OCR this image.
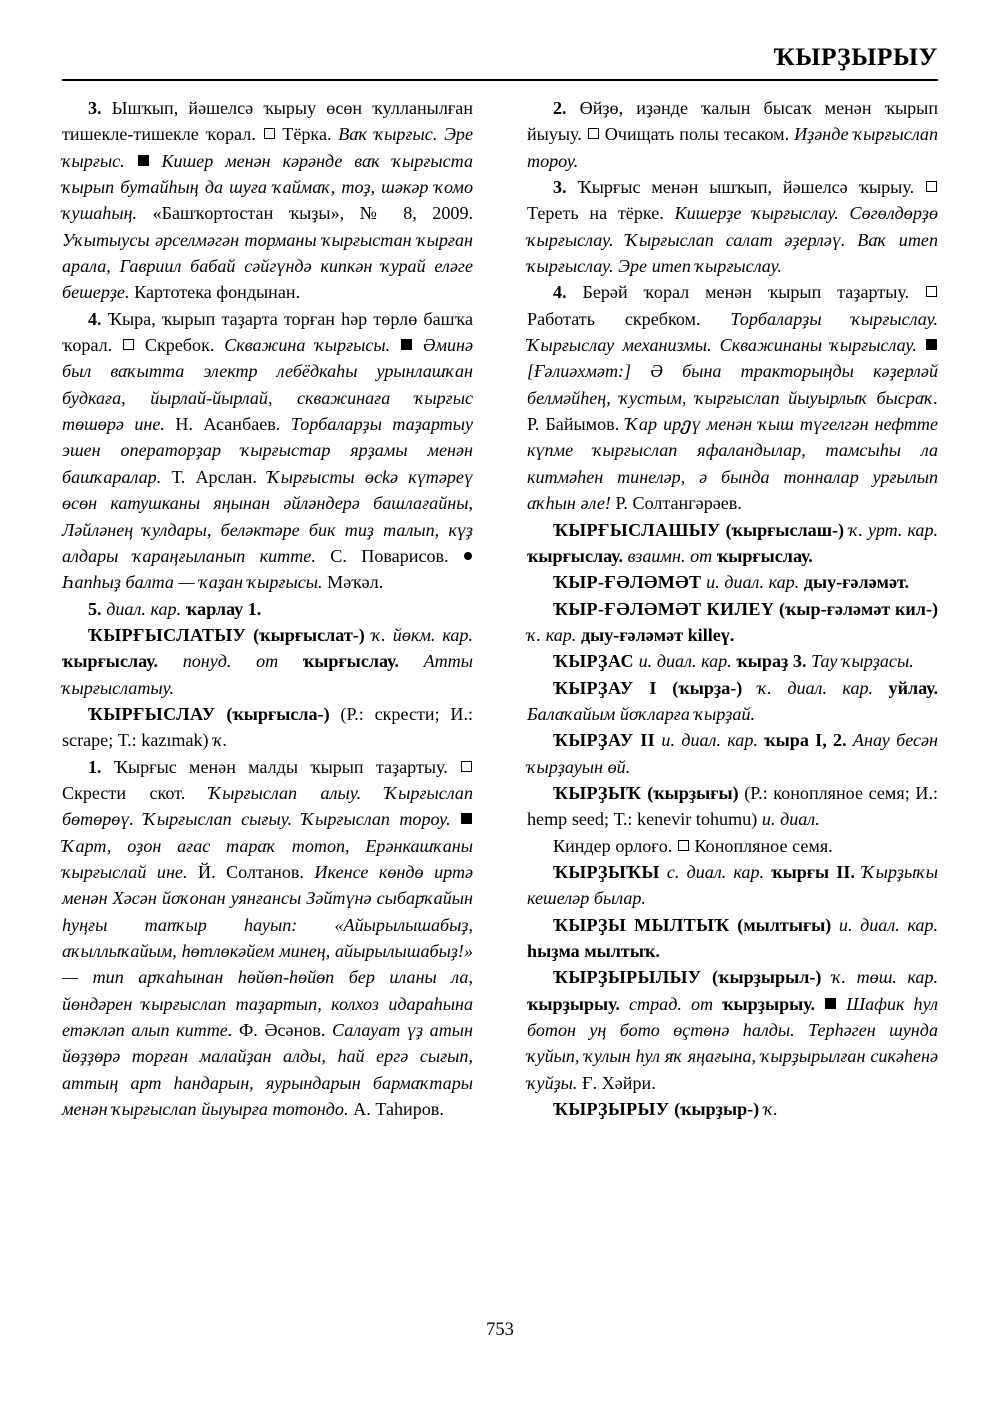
ҠЫРҘЫРЫУ

3. Ышҡып, йәшелсә ҡырыу өсөн ҡулланылған тишекле-тишекле ҡорал. Тёрка. Ваҡ ҡырғыс. Эре ҡырғыс. Кишер менән кәрәнде ваҡ ҡырғыста ҡырып бутайһың да шуға ҡаймаҡ, тоҙ, шәкәр ҡомо ҡушаһың. «Башҡортостан ҡыҙы», № 8, 2009. Уҡытыусы әрселмәгән торманы ҡырғыстан ҡырған арала, Гавриил бабай сәйгүндә кипкән ҡурай еләге бешерҙе. Картотека фондынан.

4. Ҡыра, ҡырып таҙарта торған һәр төрлө башҡа ҡорал. Скребок. Скважина ҡырғысы. Әминә был ваҡытта электр лебёдкаһы урынлашҡан будкаға, йырлай-йырлай, скважинаға ҡырғыс төшөрә ине. Н. Асанбаев. Торбаларҙы таҙартыу эшен операторҙар ҡырғыстар ярҙамы менән башҡаралар. Т. Арслан. Ҡырғысты өсkә күтәреү өсөн катушканы яңынан әйләндерә башлағайны, Ләйләнең ҡулдары, беләктәре бик тиҙ талып, күҙ алдары ҡараңғыланып китте. С. Поварисов.  Һапһыҙ балта — ҡаҙан ҡырғысы. Мәҡәл.

5. диал. кар. ҡарлау 1.

ҠЫРҒЫСЛАТЫУ (ҡырғыслат-) ҡ. йөкм. кар. ҡырғыслау. понуд. от ҡырғыслау. Атты ҡырғыслатыу.

ҠЫРҒЫСЛАУ (ҡырғысла-) (Р.: скрести; И.: scrape; Т.: kazımak) ҡ.

1. Ҡырғыс менән малды ҡырып таҙартыу.  Скрести скот. Ҡырғыслап алыу. Ҡырғыслап бөтөрөү. Ҡырғыслап сығыу. Ҡырғыслап тороу.  Ҡарт, оҙон ағас тараҡ тотоп, Ерәнкашҡаны ҡырғыслай ине. Й. Солтанов. Икенсе көндө иртә менән Хәсән йоҡонан уянғансы Зәйтүнә сыбарҡайын һуңғы тапҡыр һауып: «Айырылышабыҙ, аҡыллыҡайым, һөтлөкәйем минең, айырылышабыҙ!» — тип арҡаһынан һөйөп-һөйөп бер иланы ла, йөндәрен ҡырғыслап таҙартып, колхоз идараһына етәкләп алып китте. Ф. Әсәнов. Салауат үҙ атын йөҙҙөрә торған малайҙан алды, һай ергә сығып, аттың арт һандарын, яурындарын бармаҡтары менән ҡырғыслап йыуырға тотондо. А. Таһиров.

2. Өйҙө, иҙәнде ҡалын бысаҡ менән ҡырып йыуыу. Очищать полы тесаком. Иҙәнде ҡырғыслап тороу.

3. Ҡырғыс менән ышҡып, йәшелсә ҡырыу.  Тереть на тёрке. Кишерҙе ҡырғыслау. Сөгөлдөрҙө ҡырғыслау. Ҡырғыслап салат әҙерләү. Ваҡ итеп ҡырғыслау. Эре итеп ҡырғыслау.

4. Берәй ҡорал менән ҡырып таҙартыу.  Работать скребком. Торбаларҙы ҡырғыслау. Ҡырғыслау механизмы. Скважинаны ҡырғыслау.  [Ғәлиәхмәт:] Ә бына тракторыңды кәҙерләй белмәйһең, ҡустым, ҡырғыслап йыуырлыҡ бысраҡ. Р. Байымов. Ҡар ирეү менән ҡыш түгелгән нефтте күпме ҡырғыслап яфаландылар, тамсыһы ла китмәһен тинеләр, ә бында тонналар урғылып аҡһын әле! Р. Солтангәрәев.

ҠЫРҒЫСЛАШЫУ (ҡырғыслаш-) ҡ. урт. кар. ҡырғыслау. взаимн. от ҡырғыслау.

ҠЫР-ҒӘЛӘМӘТ и. диал. кар. дыу-ғәләмәт.

ҠЫР-ҒӘЛӘМӘТ КИЛЕҮ (ҡыр-ғәләмәт кил-) ҡ. кар. дыу-ғәләмәт killeү.

ҠЫРҘАС и. диал. кар. ҡыраҙ 3. Тау ҡырҙасы.

ҠЫРҘАУ I (ҡырҙа-) ҡ. диал. кар. уйлау. Балаҡайым йоҡларға ҡырҙай.

ҠЫРҘАУ II и. диал. кар. ҡыра I, 2. Анау бесән ҡырҙауын өй.

ҠЫРҘЫҠ (ҡырҙығы) (Р.: конопляное семя; И.: hemp seed; Т.: kenevir tohumu) и. диал.

Киндер орлоғо. Конопляное семя.

ҠЫРҘЫҠЫ с. диал. кар. ҡырғы II. Ҡырҙыҡы кешеләр былар.

ҠЫРҘЫ МЫЛТЫҠ (мылтығы) и. диал. кар. һыҙма мылтыҡ.

ҠЫРҘЫРЫЛЫУ (ҡырҙырыл-) ҡ. төш. кар. ҡырҙырыу. страд. от ҡырҙырыу. Шафик һул ботон уң бото өçтөнә һалды. Терһәген шунда ҡуйып, ҡулын һул яҡ яңағына, ҡырҙырылған сикәһенә ҡуйҙы. Ғ. Хәйри.

ҠЫРҘЫРЫУ (ҡырҙыр-) ҡ.

753
